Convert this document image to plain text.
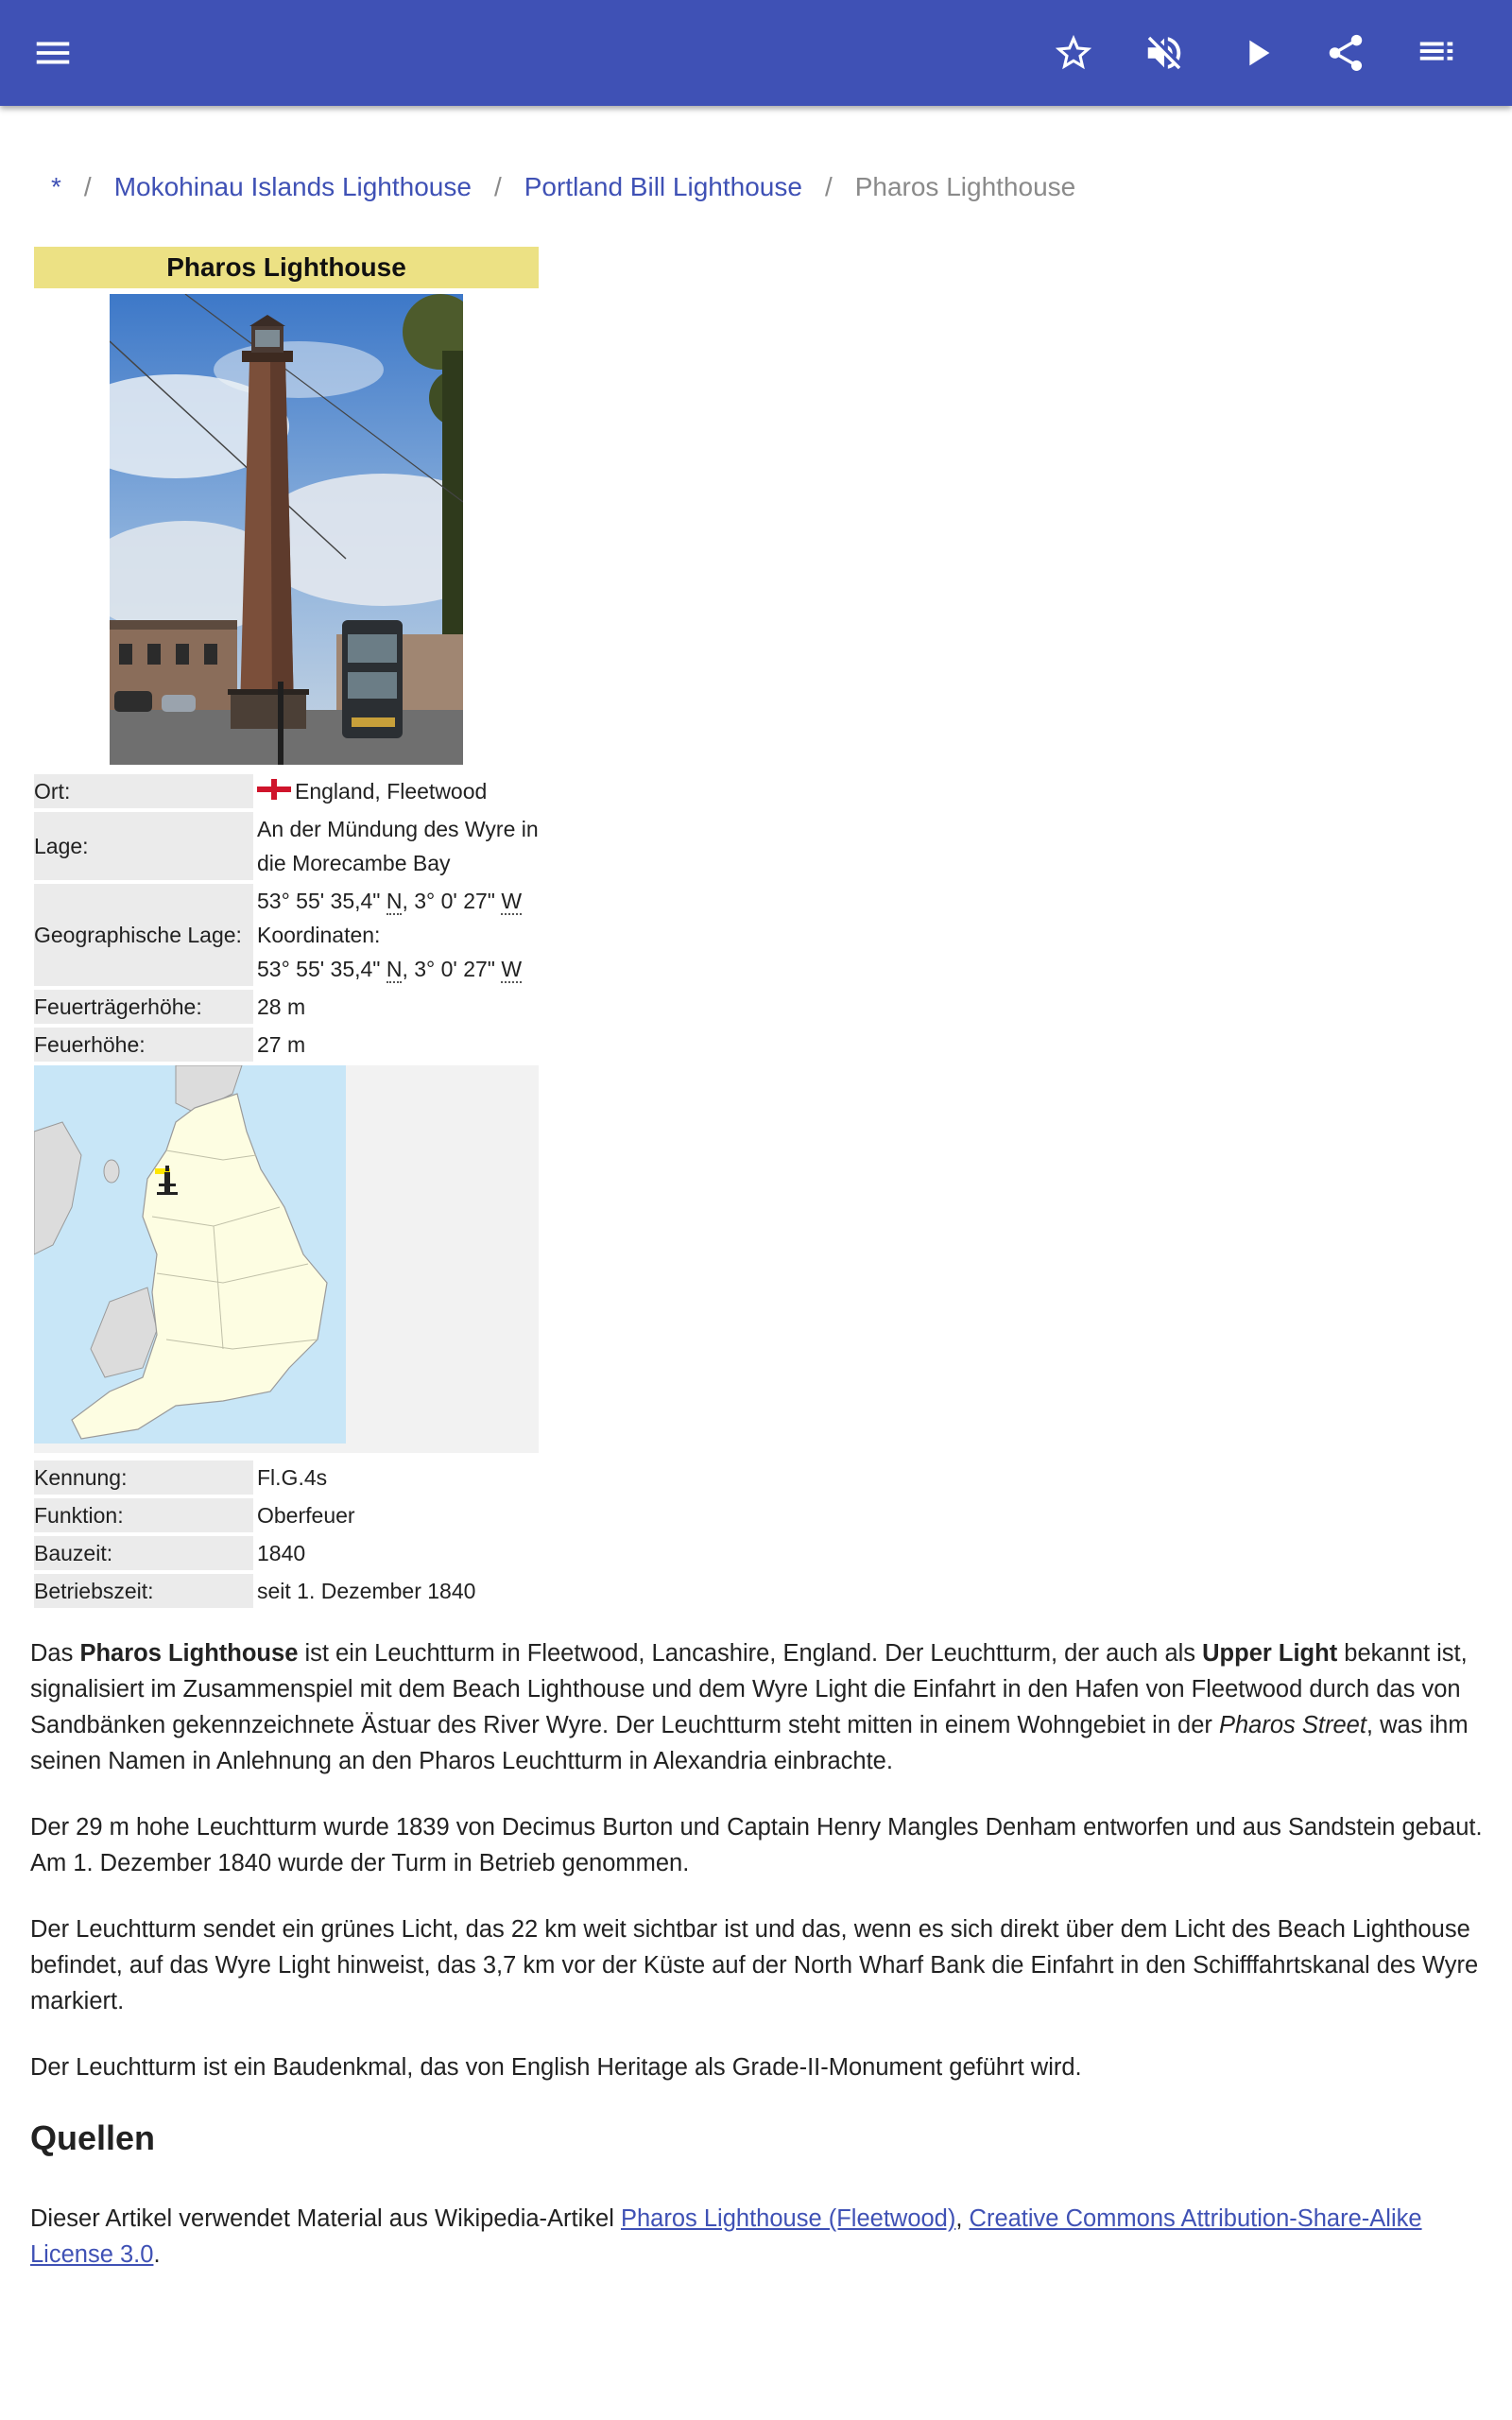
* / Mokohinau Islands Lighthouse / Portland Bill Lighthouse / Pharos Lighthouse
Pharos Lighthouse
Ort:	England, Fleetwood
Lage:
An der Mündung des Wyre in die Morecambe Bay
Geographische Lage:
53° 55' 35,4" N, 3° 0' 27" W
Koordinaten:
53° 55' 35,4" N, 3° 0' 27" W
Feuerträgerhöhe:	28 m
Feuerhöhe:	27 m
Kennung:	Fl.G.4s
Funktion:	Oberfeuer
Bauzeit:	1840
Betriebszeit:	seit 1. Dezember 1840

Das Pharos Lighthouse ist ein Leuchtturm in Fleetwood, Lancashire, England. Der Leuchtturm, der auch als Upper Light bekannt ist, signalisiert im Zusammenspiel mit dem Beach Lighthouse und dem Wyre Light die Einfahrt in den Hafen von Fleetwood durch das von Sandbänken gekennzeichnete Ästuar des River Wyre. Der Leuchtturm steht mitten in einem Wohngebiet in der Pharos Street, was ihm seinen Namen in Anlehnung an den Pharos Leuchtturm in Alexandria einbrachte.

Der 29 m hohe Leuchtturm wurde 1839 von Decimus Burton und Captain Henry Mangles Denham entworfen und aus Sandstein gebaut. Am 1. Dezember 1840 wurde der Turm in Betrieb genommen.

Der Leuchtturm sendet ein grünes Licht, das 22 km weit sichtbar ist und das, wenn es sich direkt über dem Licht des Beach Lighthouse befindet, auf das Wyre Light hinweist, das 3,7 km vor der Küste auf der North Wharf Bank die Einfahrt in den Schifffahrtskanal des Wyre markiert.

Der Leuchtturm ist ein Baudenkmal, das von English Heritage als Grade-II-Monument geführt wird.

Quellen

Dieser Artikel verwendet Material aus Wikipedia-Artikel Pharos Lighthouse (Fleetwood), Creative Commons Attribution-Share-Alike License 3.0.
